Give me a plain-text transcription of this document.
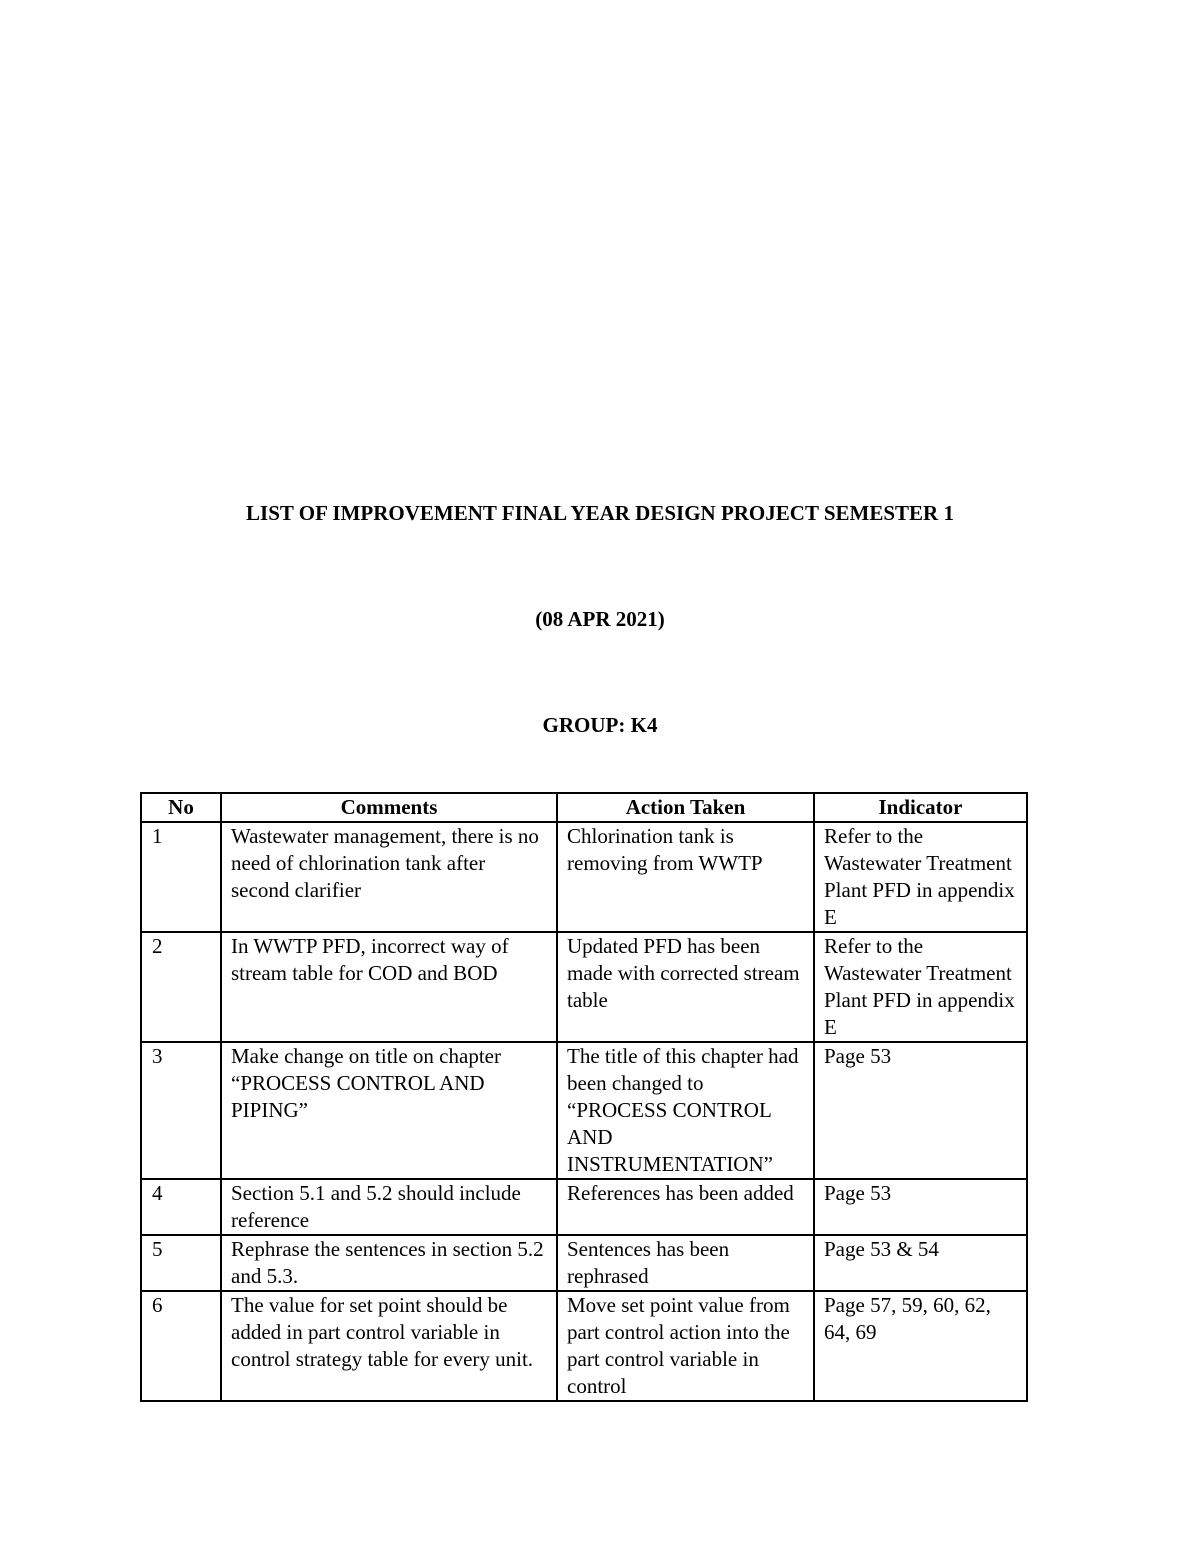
LIST OF IMPROVEMENT FINAL YEAR DESIGN PROJECT SEMESTER 1
(08 APR 2021)
GROUP: K4
No	Comments	Action Taken	Indicator
1	Wastewater management, there is no need of chlorination tank after second clarifier	Chlorination tank is removing from WWTP	Refer to the Wastewater Treatment Plant PFD in appendix E
2	In WWTP PFD, incorrect way of stream table for COD and BOD	Updated PFD has been made with corrected stream table	Refer to the Wastewater Treatment Plant PFD in appendix E
3	Make change on title on chapter “PROCESS CONTROL AND PIPING”	The title of this chapter had been changed to “PROCESS CONTROL AND INSTRUMENTATION”	Page 53
4	Section 5.1 and 5.2 should include reference	References has been added	Page 53
5	Rephrase the sentences in section 5.2 and 5.3.	Sentences has been rephrased	Page 53 & 54
6	The value for set point should be added in part control variable in control strategy table for every unit.	Move set point value from part control action into the part control variable in control	Page 57, 59, 60, 62, 64, 69
